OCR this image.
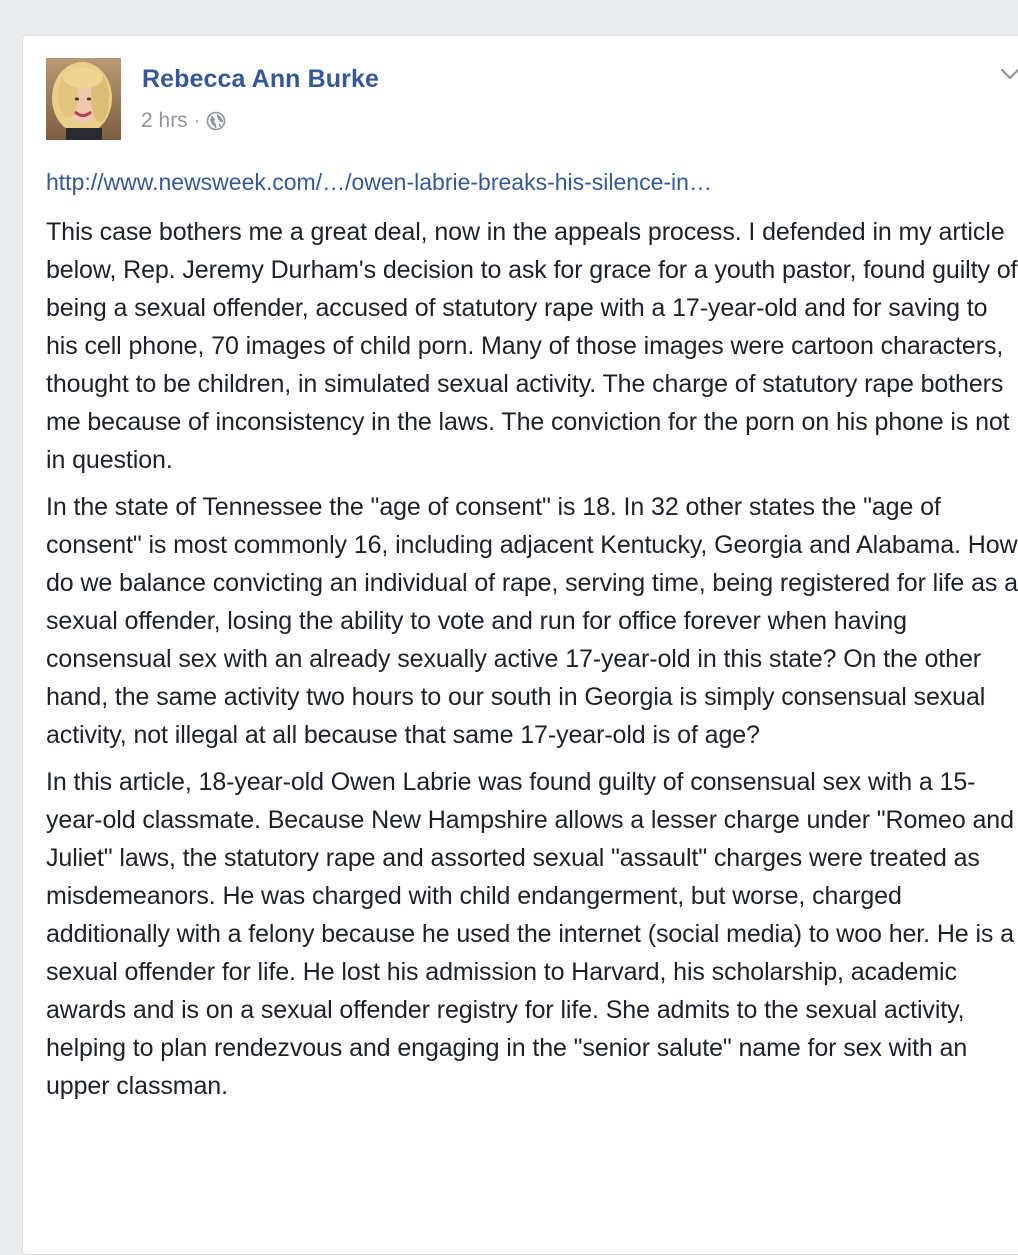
Rebecca Ann Burke
2 hrs ·
http://www.newsweek.com/…/owen-labrie-breaks-his-silence-in…

This case bothers me a great deal, now in the appeals process. I defended in my article below, Rep. Jeremy Durham's decision to ask for grace for a youth pastor, found guilty of being a sexual offender, accused of statutory rape with a 17-year-old and for saving to his cell phone, 70 images of child porn. Many of those images were cartoon characters, thought to be children, in simulated sexual activity. The charge of statutory rape bothers me because of inconsistency in the laws. The conviction for the porn on his phone is not in question.

In the state of Tennessee the "age of consent" is 18. In 32 other states the "age of consent" is most commonly 16, including adjacent Kentucky, Georgia and Alabama. How do we balance convicting an individual of rape, serving time, being registered for life as a sexual offender, losing the ability to vote and run for office forever when having consensual sex with an already sexually active 17-year-old in this state? On the other hand, the same activity two hours to our south in Georgia is simply consensual sexual activity, not illegal at all because that same 17-year-old is of age?

In this article, 18-year-old Owen Labrie was found guilty of consensual sex with a 15-year-old classmate. Because New Hampshire allows a lesser charge under "Romeo and Juliet" laws, the statutory rape and assorted sexual "assault" charges were treated as misdemeanors. He was charged with child endangerment, but worse, charged additionally with a felony because he used the internet (social media) to woo her. He is a sexual offender for life. He lost his admission to Harvard, his scholarship, academic awards and is on a sexual offender registry for life. She admits to the sexual activity, helping to plan rendezvous and engaging in the "senior salute" name for sex with an upper classman.
